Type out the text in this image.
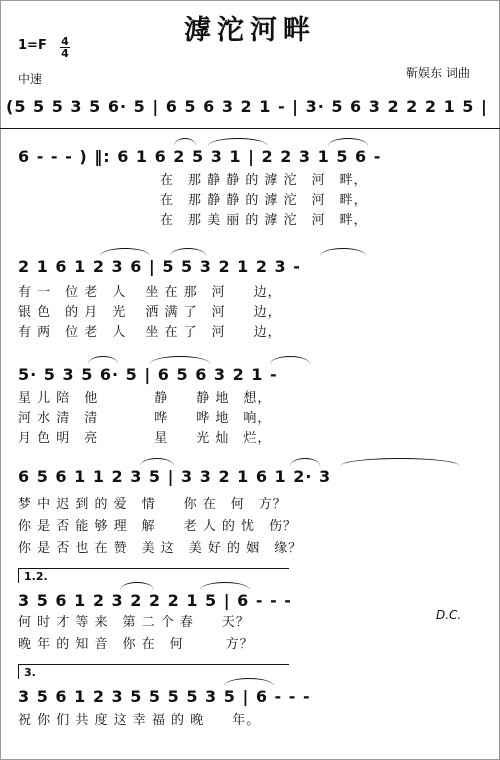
滹沱河畔
1=F 4
4
中速	靳娱东 词曲
(5 5 5 3 5 6· 5 | 6 5 6 3 2 1 - | 3· 5 6 3 2 2 2 1 5 |
6 - - - ) ‖: 6 1 6 2 5 3 1 | 2 2 3 1 5 6 -
在　那 静 静 的 滹 沱　河　畔，
在　那 静 静 的 滹 沱　河　畔，
在　那 美 丽 的 滹 沱　河　畔，
2 1 6 1 2 3 6 | 5 5 3 2 1 2 3 -
有 一　位 老　人 　坐 在 那　河　　边，
银 色　的 月　光 　洒 满 了　河　　边，
有 两　位 老　人 　坐 在 了　河　　边，
5· 5 3 5 6· 5 | 6 5 6 3 2 1 -
星 儿 陪　他　　　　静　　静 地　想，
河 水 清　清　　　　哗　　哗 地　响，
月 色 明　亮　　　　星　　光 灿　烂，
6 5 6 1 1 2 3 5 | 3 3 2 1 6 1 2· 3
梦 中 迟 到 的 爱　情　　你 在　何　方？
你 是 否 能 够 理　解　　老 人 的 忧　伤？
你 是 否 也 在 赞　美 这　美 好 的 姻　缘？
1.2.
3 5 6 1 2 3 2 2 2 1 5 | 6 - - -
D.C.
何 时 才 等 来　第 二 个 春　　天？
晚 年 的 知 音　你 在　何　　　方？
3.
3 5 6 1 2 3 5 5 5 5 3 5 | 6 - - -
祝 你 们 共 度 这 幸 福 的 晚　　年。
